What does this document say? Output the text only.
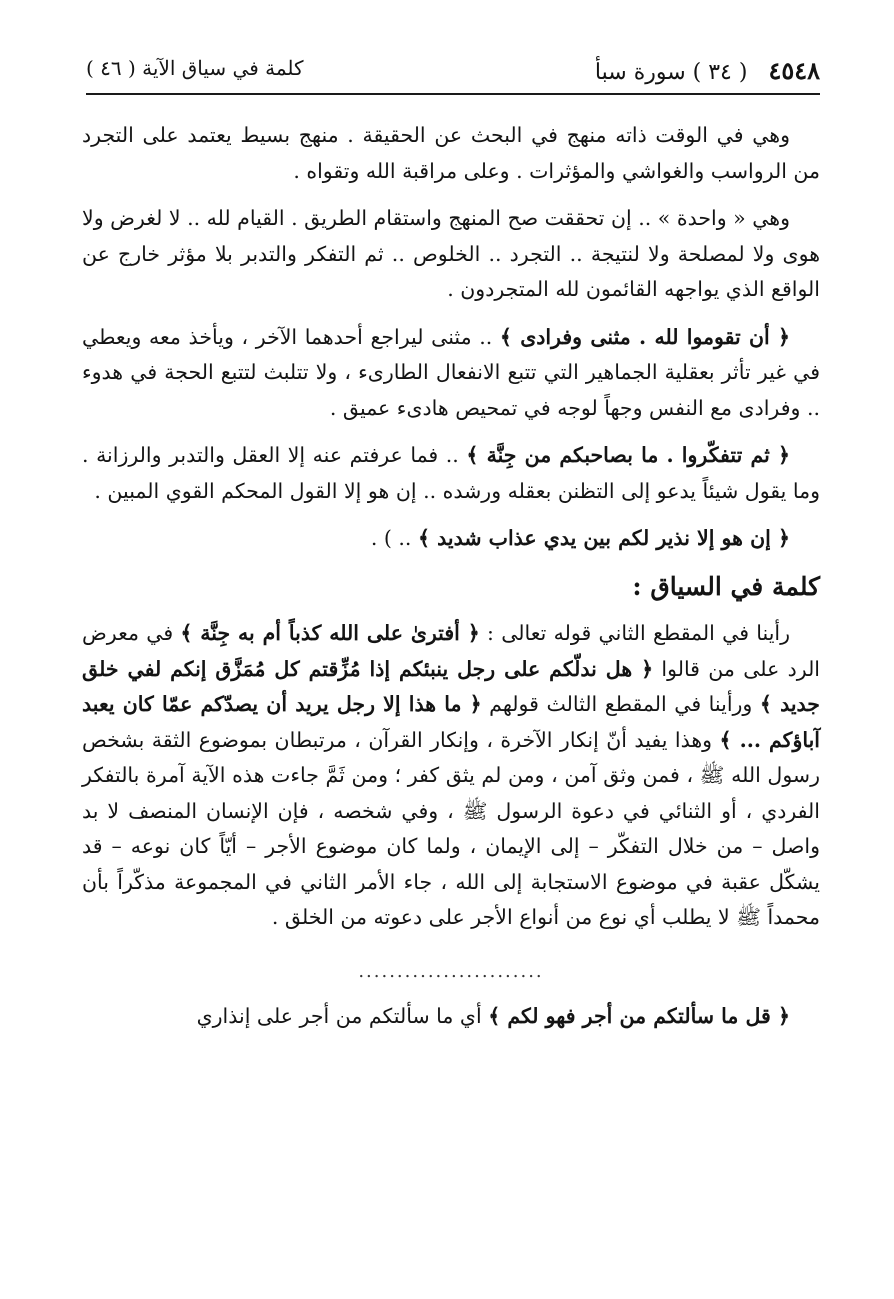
٤٥٤٨ ( ٣٤ ) سورة سبأ
كلمة في سياق الآية ( ٤٦ )

وهي في الوقت ذاته منهج في البحث عن الحقيقة . منهج بسيط يعتمد على التجرد من الرواسب والغواشي والمؤثرات . وعلى مراقبة الله وتقواه .

وهي « واحدة » .. إن تحققت صح المنهج واستقام الطريق . القيام لله .. لا لغرض ولا هوى ولا لمصلحة ولا لنتيجة .. التجرد .. الخلوص .. ثم التفكر والتدبر بلا مؤثر خارج عن الواقع الذي يواجهه القائمون لله المتجردون .

﴿ أن تقوموا لله . مثنى وفرادى ﴾ .. مثنى ليراجع أحدهما الآخر ، ويأخذ معه ويعطي في غير تأثر بعقلية الجماهير التي تتبع الانفعال الطارىء ، ولا تتلبث لتتبع الحجة في هدوء .. وفرادى مع النفس وجهاً لوجه في تمحيص هادىء عميق .

﴿ ثم تتفكّروا . ما بصاحبكم من جِنَّة ﴾ .. فما عرفتم عنه إلا العقل والتدبر والرزانة . وما يقول شيئاً يدعو إلى التظنن بعقله ورشده .. إن هو إلا القول المحكم القوي المبين .

﴿ إن هو إلا نذير لكم بين يدي عذاب شديد ﴾ .. ) .

كلمة في السياق :

رأينا في المقطع الثاني قوله تعالى : ﴿ أفترىٰ على الله كذباً أم به جِنَّة ﴾ في معرض الرد على من قالوا ﴿ هل ندلّكم على رجل ينبئكم إذا مُزِّقتم كل مُمَزَّق إنكم لفي خلق جديد ﴾ ورأينا في المقطع الثالث قولهم ﴿ ما هذا إلا رجل يريد أن يصدّكم عمّا كان يعبد آباؤكم ... ﴾ وهذا يفيد أنّ إنكار الآخرة ، وإنكار القرآن ، مرتبطان بموضوع الثقة بشخص رسول الله ﷺ ، فمن وثق آمن ، ومن لم يثق كفر ؛ ومن ثَمَّ جاءت هذه الآية آمرة بالتفكر الفردي ، أو الثنائي في دعوة الرسول ﷺ ، وفي شخصه ، فإن الإنسان المنصف لا بد واصل – من خلال التفكّر – إلى الإيمان ، ولما كان موضوع الأجر – أيّاً كان نوعه – قد يشكّل عقبة في موضوع الاستجابة إلى الله ، جاء الأمر الثاني في المجموعة مذكّراً بأن محمداً ﷺ لا يطلب أي نوع من أنواع الأجر على دعوته من الخلق .

........................

﴿ قل ما سألتكم من أجر فهو لكم ﴾ أي ما سألتكم من أجر على إنذاري
